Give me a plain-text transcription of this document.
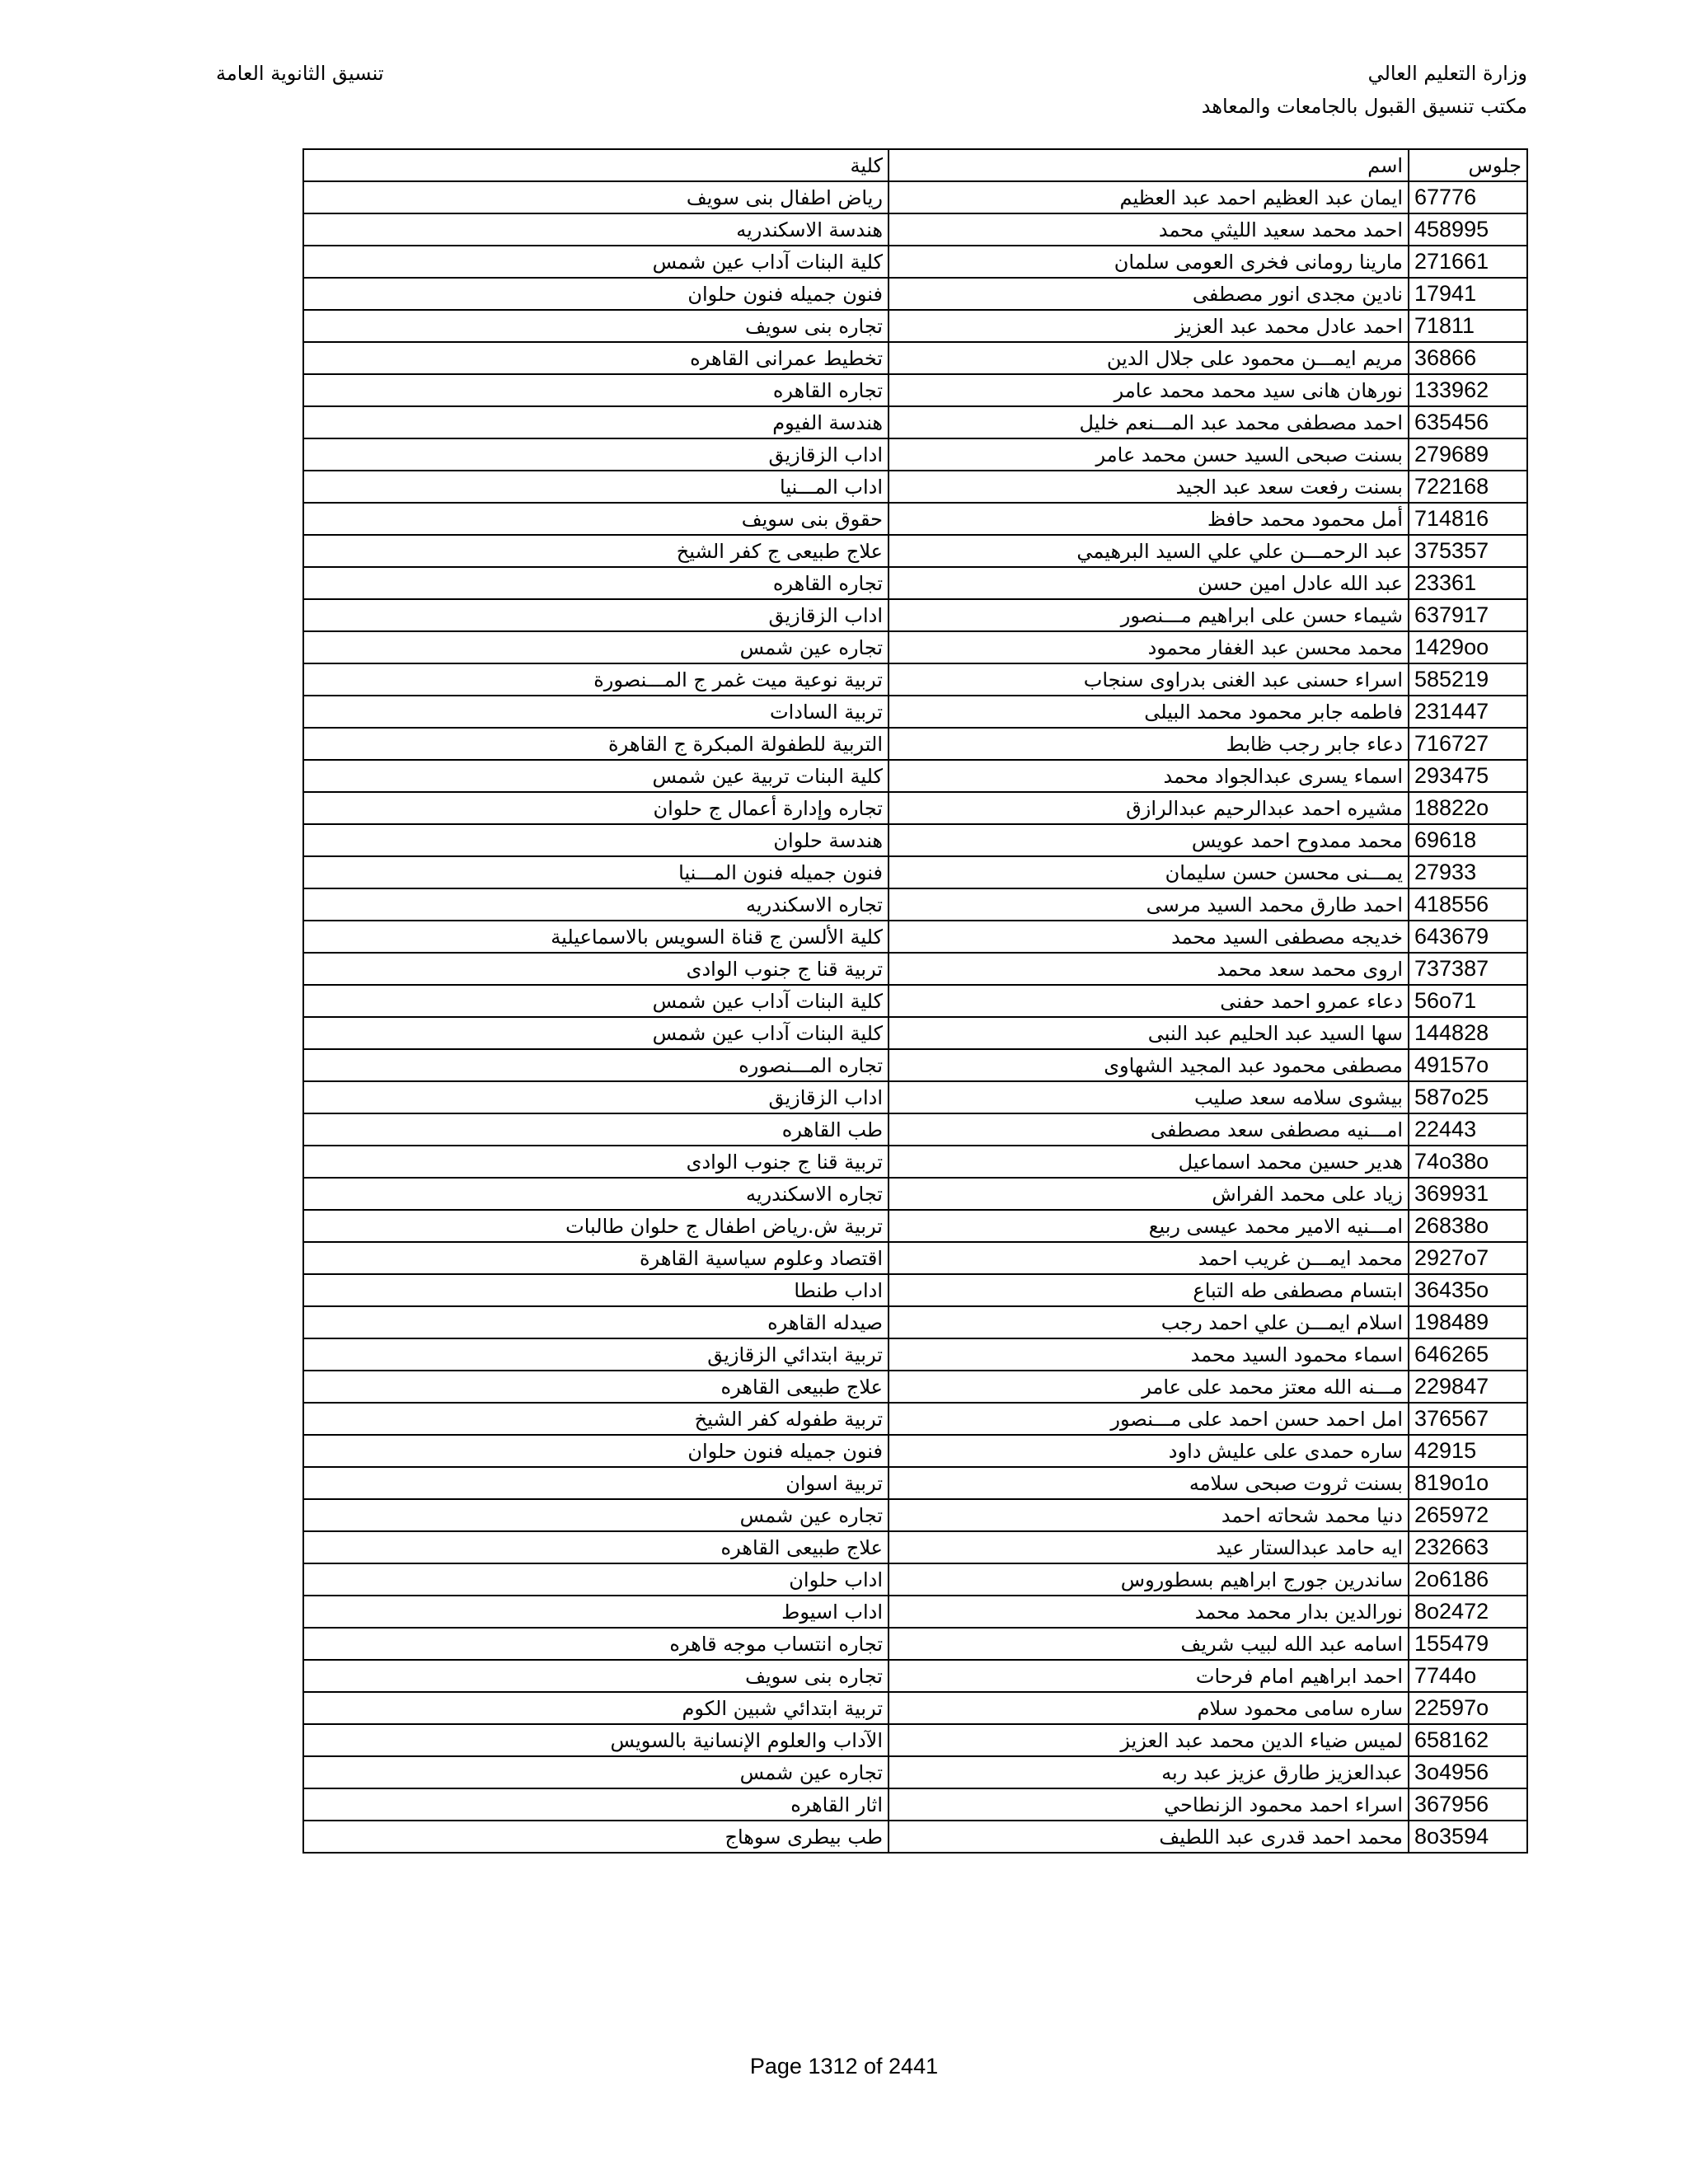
وزارة التعليم العالي
مكتب تنسيق القبول بالجامعات والمعاهد
تنسيق الثانوية العامة
جلوس	اسم	كلية
67776	ايمان عبد العظيم احمد عبد العظيم	رياض اطفال بنى سويف
458995	احمد محمد سعيد الليثي محمد	هندسة الاسكندريه
271661	مارينا رومانى فخرى العومى سلمان	كلية البنات آداب عين شمس
17941	نادين مجدى انور مصطفى	فنون جميله فنون حلوان
71811	احمد عادل محمد عبد العزيز	تجاره بنى سويف
36866	مريم ايمـــن محمود على جلال الدين	تخطيط عمرانى القاهره
133962	نورهان هانى سيد محمد محمد عامر	تجاره القاهره
635456	احمد مصطفى محمد عبد المـــنعم خليل	هندسة الفيوم
279689	بسنت صبحى السيد حسن محمد عامر	اداب الزقازيق
722168	بسنت رفعت سعد عبد الجيد	اداب المـــنيا
714816	أمل محمود محمد حافظ	حقوق بنى سويف
375357	عبد الرحمـــن علي علي السيد البرهيمي	علاج طبيعى ج كفر الشيخ
23361	عبد الله عادل امين حسن	تجاره القاهره
637917	شيماء حسن على ابراهيم مـــنصور	اداب الزقازيق
1429oo	محمد محسن عبد الغفار محمود	تجاره عين شمس
585219	اسراء حسنى عبد الغنى بدراوى سنجاب	تربية نوعية ميت غمر ج المـــنصورة
231447	فاطمه جابر محمود محمد البيلى	تربية السادات
716727	دعاء جابر رجب ظابط	التربية للطفولة المبكرة ج القاهرة
293475	اسماء يسرى عبدالجواد محمد	كلية البنات تربية عين شمس
18822o	مشيره احمد عبدالرحيم عبدالرازق	تجاره وإدارة أعمال ج حلوان
69618	محمد ممدوح احمد عويس	هندسة حلوان
27933	يمـــنى محسن حسن سليمان	فنون جميله فنون المـــنيا
418556	احمد طارق محمد السيد مرسى	تجاره الاسكندريه
643679	خديجه مصطفى السيد محمد	كلية الألسن ج قناة السويس بالاسماعيلية
737387	اروى محمد سعد محمد	تربية قنا ج جنوب الوادى
56o71	دعاء عمرو احمد حفنى	كلية البنات آداب عين شمس
144828	سها السيد عبد الحليم عبد النبى	كلية البنات آداب عين شمس
49157o	مصطفى محمود عبد المجيد الشهاوى	تجاره المـــنصوره
587o25	بيشوى سلامه سعد صليب	اداب الزقازيق
22443	امـــنيه مصطفى سعد مصطفى	طب القاهره
74o38o	هدير حسين محمد اسماعيل	تربية قنا ج جنوب الوادى
369931	زياد على محمد الفراش	تجاره الاسكندريه
26838o	امـــنيه الامير محمد عيسى ربيع	تربية ش.رياض اطفال ج حلوان طالبات
2927o7	محمد ايمـــن غريب احمد	اقتصاد وعلوم سياسية القاهرة
36435o	ابتسام مصطفى طه التباع	اداب طنطا
198489	اسلام ايمـــن علي احمد رجب	صيدله القاهره
646265	اسماء محمود السيد محمد	تربية ابتدائي الزقازيق
229847	مـــنه الله معتز محمد على عامر	علاج طبيعى القاهره
376567	امل احمد حسن احمد على مـــنصور	تربية طفوله كفر الشيخ
42915	ساره حمدى على عليش داود	فنون جميله فنون حلوان
819o1o	بسنت ثروت صبحى سلامه	تربية اسوان
265972	دنيا محمد شحاته احمد	تجاره عين شمس
232663	ايه حامد عبدالستار عيد	علاج طبيعى القاهره
2o6186	ساندرين جورج ابراهيم بسطوروس	اداب حلوان
8o2472	نورالدين بدار محمد محمد	اداب اسيوط
155479	اسامه عبد الله لبيب شريف	تجاره انتساب موجه قاهره
7744o	احمد ابراهيم امام فرحات	تجاره بنى سويف
22597o	ساره سامى محمود سلام	تربية ابتدائي شبين الكوم
658162	لميس ضياء الدين محمد عبد العزيز	الآداب والعلوم الإنسانية بالسويس
3o4956	عبدالعزيز طارق عزيز عبد ربه	تجاره عين شمس
367956	اسراء احمد محمود الزنطاحي	اثار القاهره
8o3594	محمد احمد قدرى عبد اللطيف	طب بيطرى سوهاج
Page 1312 of 2441
